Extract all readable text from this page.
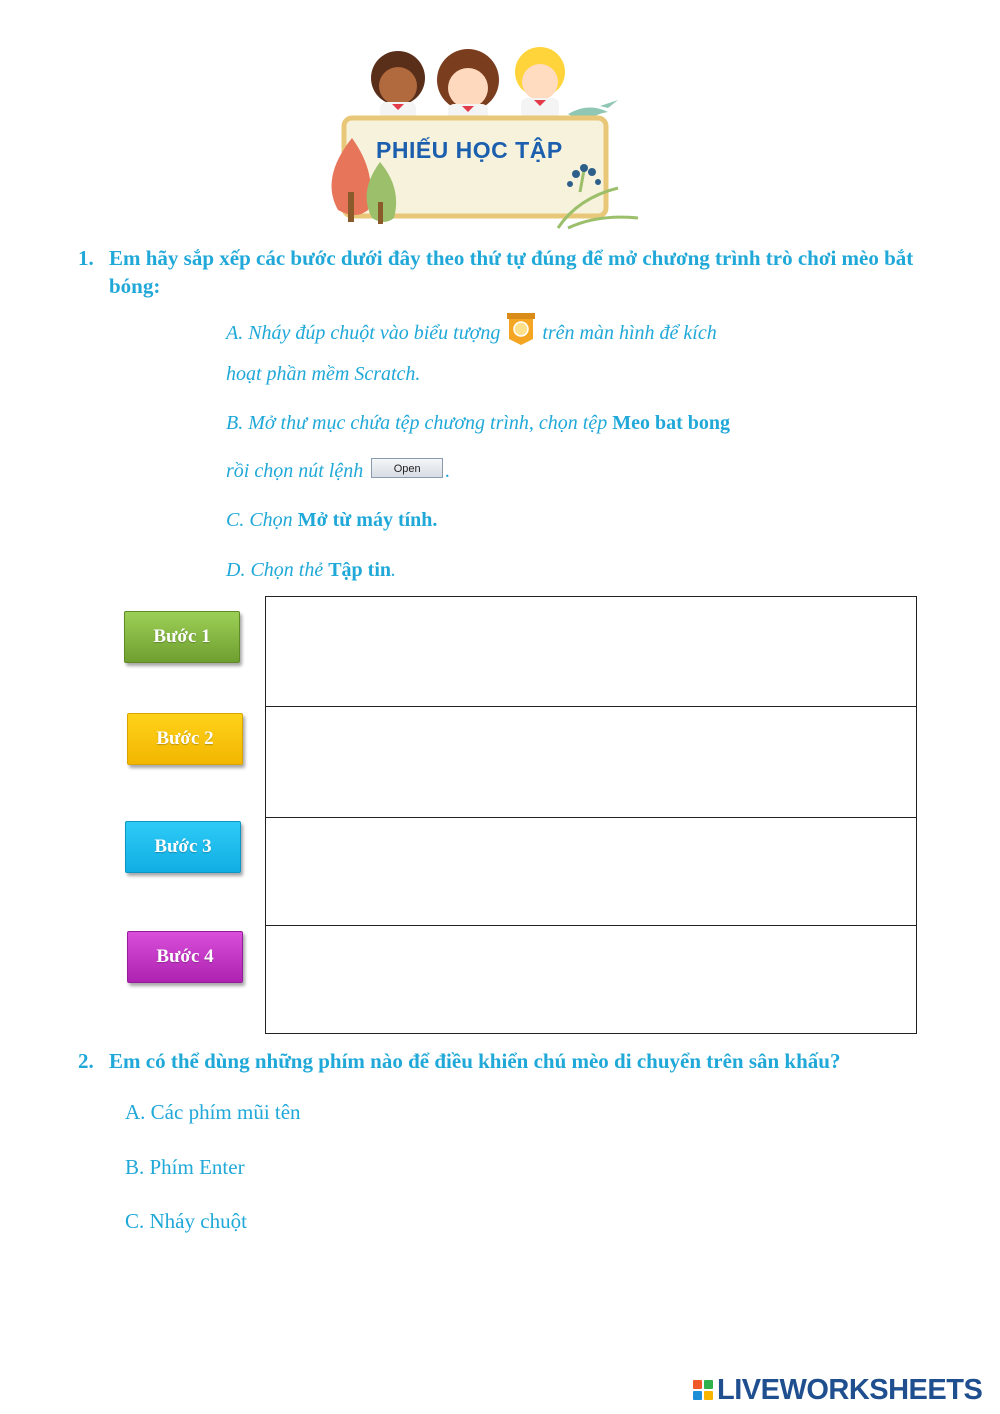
PHIẾU HỌC TẬP
1. Em hãy sắp xếp các bước dưới đây theo thứ tự đúng để mở chương trình trò chơi mèo bắt bóng:
A. Nháy đúp chuột vào biểu tượng trên màn hình để kích
hoạt phần mềm Scratch.
B. Mở thư mục chứa tệp chương trình, chọn tệp Meo bat bong
rồi chọn nút lệnh	Open .
C. Chọn Mở từ máy tính.
D. Chọn thẻ Tập tin.
Bước 1
Bước 2
Bước 3
Bước 4
2. Em có thể dùng những phím nào để điều khiển chú mèo di chuyển trên sân khấu?
A. Các phím mũi tên
B. Phím Enter
C. Nháy chuột
LIVEWORKSHEETS
